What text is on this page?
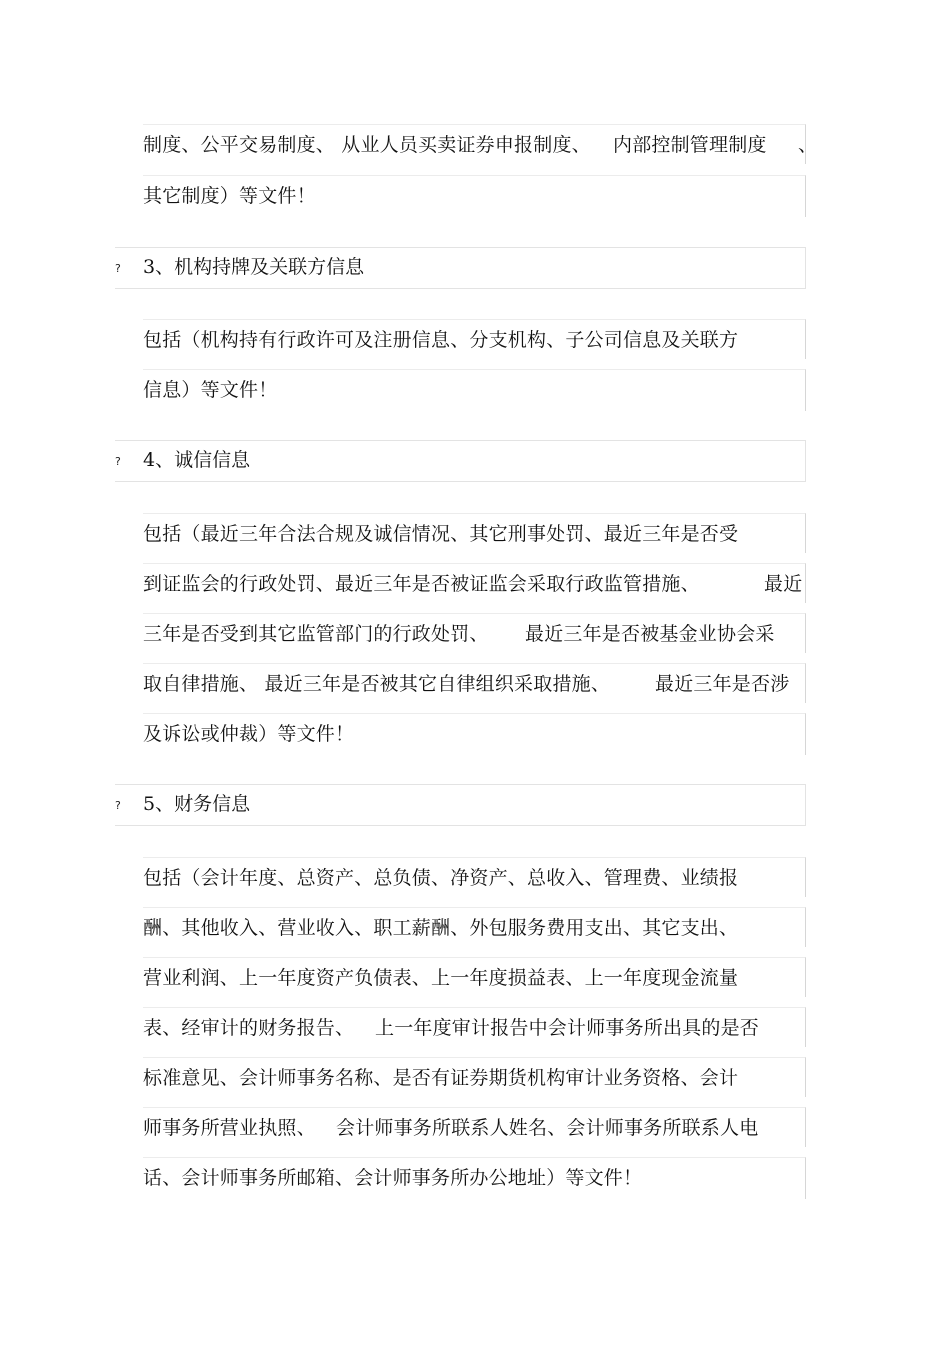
制度、公平交易制度、 从业人员买卖证券申报制度、 内部控制管理制度 、
其它制度）等文件！
? 3、机构持牌及关联方信息
包括（机构持有行政许可及注册信息、分支机构、子公司信息及关联方
信息）等文件！
? 4、诚信信息
包括（最近三年合法合规及诚信情况、其它刑事处罚、最近三年是否受
到证监会的行政处罚、最近三年是否被证监会采取行政监管措施、	最近
三年是否受到其它监管部门的行政处罚、 最近三年是否被基金业协会采
取自律措施、 最近三年是否被其它自律组织采取措施、 最近三年是否涉
及诉讼或仲裁）等文件！
? 5、财务信息
包括（会计年度、总资产、总负债、净资产、总收入、管理费、业绩报
酬、其他收入、营业收入、职工薪酬、外包服务费用支出、其它支出、
营业利润、上一年度资产负债表、上一年度损益表、上一年度现金流量
表、经审计的财务报告、 上一年度审计报告中会计师事务所出具的是否
标准意见、会计师事务名称、是否有证券期货机构审计业务资格、会计
师事务所营业执照、 会计师事务所联系人姓名、会计师事务所联系人电
话、会计师事务所邮箱、会计师事务所办公地址）等文件！
